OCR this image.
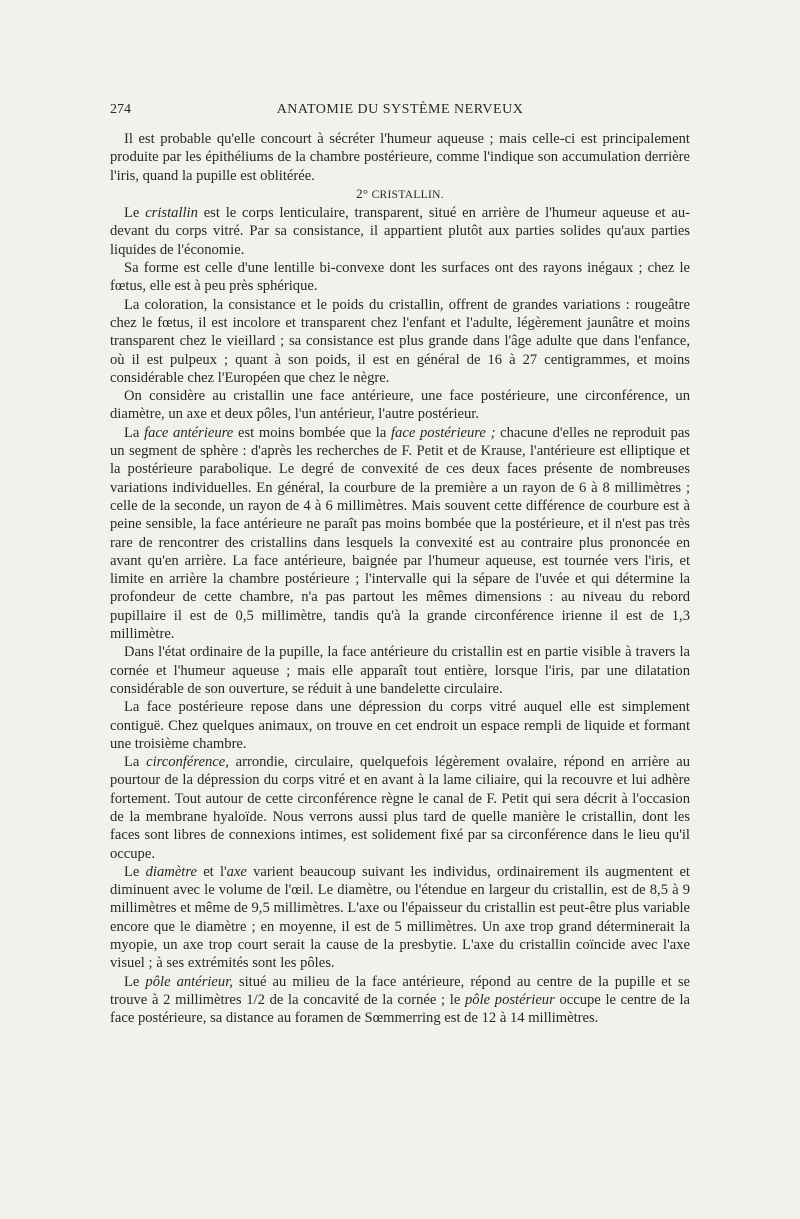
274	ANATOMIE DU SYSTÈME NERVEUX

Il est probable qu'elle concourt à sécréter l'humeur aqueuse ; mais celle-ci est principalement produite par les épithéliums de la chambre postérieure, comme l'indique son accumulation derrière l'iris, quand la pupille est oblitérée.

2° CRISTALLIN.

Le cristallin est le corps lenticulaire, transparent, situé en arrière de l'humeur aqueuse et au-devant du corps vitré. Par sa consistance, il appartient plutôt aux parties solides qu'aux parties liquides de l'économie.

Sa forme est celle d'une lentille bi-convexe dont les surfaces ont des rayons inégaux ; chez le fœtus, elle est à peu près sphérique.

La coloration, la consistance et le poids du cristallin, offrent de grandes variations : rougeâtre chez le fœtus, il est incolore et transparent chez l'enfant et l'adulte, légèrement jaunâtre et moins transparent chez le vieillard ; sa consistance est plus grande dans l'âge adulte que dans l'enfance, où il est pulpeux ; quant à son poids, il est en général de 16 à 27 centigrammes, et moins considérable chez l'Européen que chez le nègre.

On considère au cristallin une face antérieure, une face postérieure, une circonférence, un diamètre, un axe et deux pôles, l'un antérieur, l'autre postérieur.

La face antérieure est moins bombée que la face postérieure ; chacune d'elles ne reproduit pas un segment de sphère : d'après les recherches de F. Petit et de Krause, l'antérieure est elliptique et la postérieure parabolique. Le degré de convexité de ces deux faces présente de nombreuses variations individuelles. En général, la courbure de la première a un rayon de 6 à 8 millimètres ; celle de la seconde, un rayon de 4 à 6 millimètres. Mais souvent cette différence de courbure est à peine sensible, la face antérieure ne paraît pas moins bombée que la postérieure, et il n'est pas très rare de rencontrer des cristallins dans lesquels la convexité est au contraire plus prononcée en avant qu'en arrière. La face antérieure, baignée par l'humeur aqueuse, est tournée vers l'iris, et limite en arrière la chambre postérieure ; l'intervalle qui la sépare de l'uvée et qui détermine la profondeur de cette chambre, n'a pas partout les mêmes dimensions : au niveau du rebord pupillaire il est de 0,5 millimètre, tandis qu'à la grande circonférence irienne il est de 1,3 millimètre.

Dans l'état ordinaire de la pupille, la face antérieure du cristallin est en partie visible à travers la cornée et l'humeur aqueuse ; mais elle apparaît tout entière, lorsque l'iris, par une dilatation considérable de son ouverture, se réduit à une bandelette circulaire.

La face postérieure repose dans une dépression du corps vitré auquel elle est simplement contiguë. Chez quelques animaux, on trouve en cet endroit un espace rempli de liquide et formant une troisième chambre.

La circonférence, arrondie, circulaire, quelquefois légèrement ovalaire, répond en arrière au pourtour de la dépression du corps vitré et en avant à la lame ciliaire, qui la recouvre et lui adhère fortement. Tout autour de cette circonférence règne le canal de F. Petit qui sera décrit à l'occasion de la membrane hyaloïde. Nous verrons aussi plus tard de quelle manière le cristallin, dont les faces sont libres de connexions intimes, est solidement fixé par sa circonférence dans le lieu qu'il occupe.

Le diamètre et l'axe varient beaucoup suivant les individus, ordinairement ils augmentent et diminuent avec le volume de l'œil. Le diamètre, ou l'étendue en largeur du cristallin, est de 8,5 à 9 millimètres et même de 9,5 millimètres. L'axe ou l'épaisseur du cristallin est peut-être plus variable encore que le diamètre ; en moyenne, il est de 5 millimètres. Un axe trop grand déterminerait la myopie, un axe trop court serait la cause de la presbytie. L'axe du cristallin coïncide avec l'axe visuel ; à ses extrémités sont les pôles.

Le pôle antérieur, situé au milieu de la face antérieure, répond au centre de la pupille et se trouve à 2 millimètres 1/2 de la concavité de la cornée ; le pôle postérieur occupe le centre de la face postérieure, sa distance au foramen de Sœmmerring est de 12 à 14 millimètres.
